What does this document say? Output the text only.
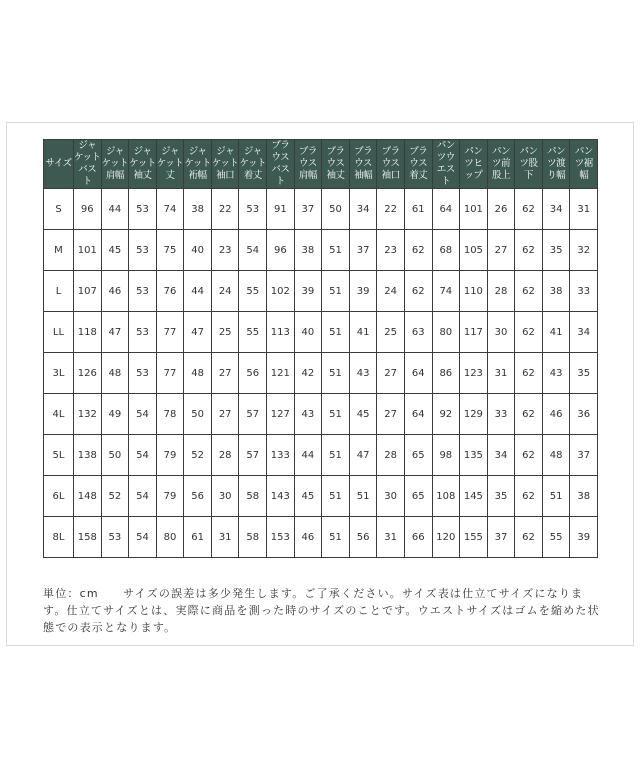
サイズ	ジャケットバスト	ジャケット肩幅	ジャケット袖丈	ジャケット丈	ジャケット裄幅	ジャケット袖口	ジャケット着丈	ブラウスバスト	ブラウス肩幅	ブラウス袖丈	ブラウス袖幅	ブラウス袖口	ブラウス着丈	パンツウエスト	パンツヒップ	パンツ前股上	パンツ股下	パンツ渡り幅	パンツ裾幅
S	96	44	53	74	38	22	53	91	37	50	34	22	61	64	101	26	62	34	31
M	101	45	53	75	40	23	54	96	38	51	37	23	62	68	105	27	62	35	32
L	107	46	53	76	44	24	55	102	39	51	39	24	62	74	110	28	62	38	33
LL	118	47	53	77	47	25	55	113	40	51	41	25	63	80	117	30	62	41	34
3L	126	48	53	77	48	27	56	121	42	51	43	27	64	86	123	31	62	43	35
4L	132	49	54	78	50	27	57	127	43	51	45	27	64	92	129	33	62	46	36
5L	138	50	54	79	52	28	57	133	44	51	47	28	65	98	135	34	62	48	37
6L	148	52	54	79	56	30	58	143	45	51	51	30	65	108	145	35	62	51	38
8L	158	53	54	80	61	31	58	153	46	51	56	31	66	120	155	37	62	55	39
単位：cm　　サイズの誤差は多少発生します。ご了承ください。サイズ表は仕立てサイズになります。仕立てサイズとは、実際に商品を測った時のサイズのことです。ウエストサイズはゴムを縮めた状態での表示となります。
